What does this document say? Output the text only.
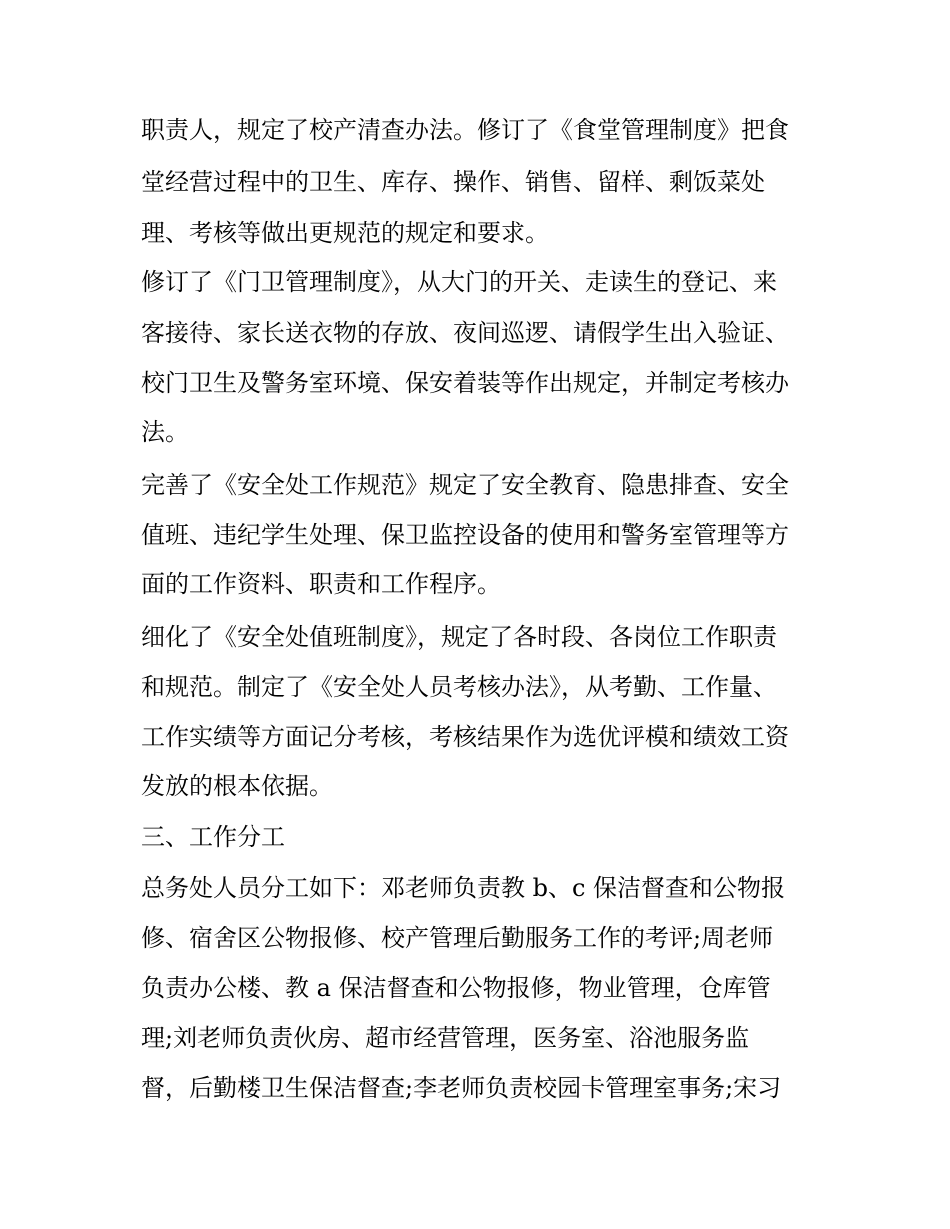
职责人，规定了校产清查办法。修订了《食堂管理制度》把食
堂经营过程中的卫生、库存、操作、销售、留样、剩饭菜处
理、考核等做出更规范的规定和要求。
修订了《门卫管理制度》，从大门的开关、走读生的登记、来
客接待、家长送衣物的存放、夜间巡逻、请假学生出入验证、
校门卫生及警务室环境、保安着装等作出规定，并制定考核办
法。
完善了《安全处工作规范》规定了安全教育、隐患排查、安全
值班、违纪学生处理、保卫监控设备的使用和警务室管理等方
面的工作资料、职责和工作程序。
细化了《安全处值班制度》，规定了各时段、各岗位工作职责
和规范。制定了《安全处人员考核办法》，从考勤、工作量、
工作实绩等方面记分考核，考核结果作为选优评模和绩效工资
发放的根本依据。
三、工作分工
总务处人员分工如下：邓老师负责教 b、c 保洁督查和公物报
修、宿舍区公物报修、校产管理后勤服务工作的考评;周老师
负责办公楼、教 a 保洁督查和公物报修，物业管理，仓库管
理;刘老师负责伙房、超市经营管理，医务室、浴池服务监
督，后勤楼卫生保洁督查;李老师负责校园卡管理室事务;宋习
